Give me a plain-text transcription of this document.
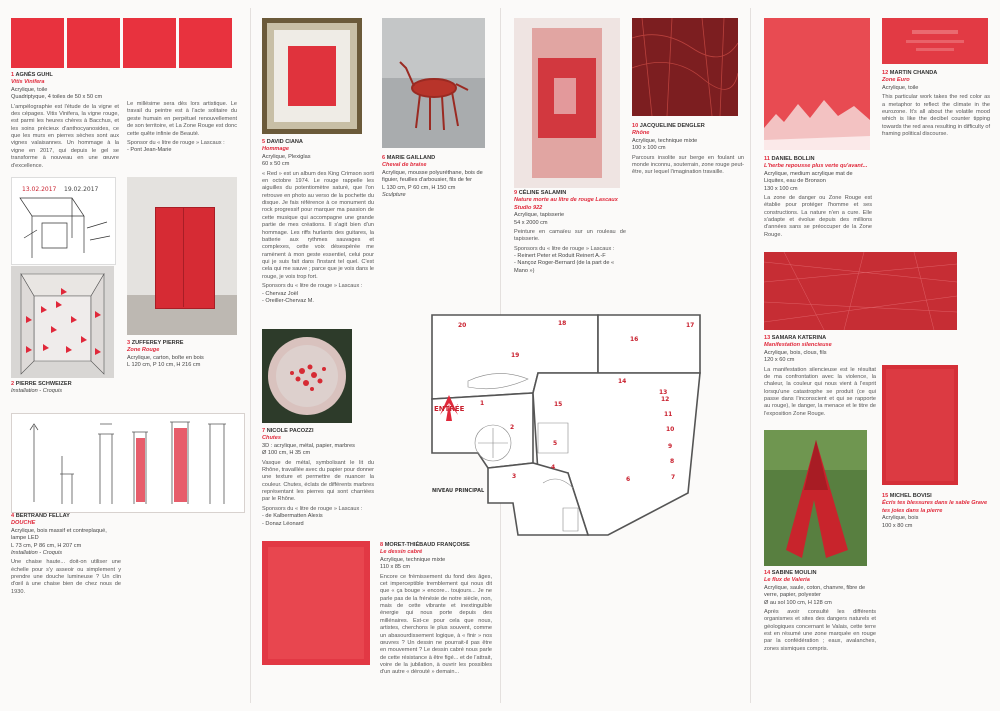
1 AGNÈS GUHL
Vitis Vinifera
Acrylique, toile
Quadriptyque, 4 toiles de 50 x 50 cm
L'ampélographie est l'étude de la vigne et des cépages. Vitis Vinifera, la vigne rouge, est parmi les heures chères à Bacchus, et les soins précieux d'anthocyanosides, ce que les murs en pierres sèches sont aux vignes valaisannes. Un hommage à la vigne en 2017, qui depuis le gel se transforme à nouveau en une œuvre d'excellence.
Le millésime sera dès lors artistique. Le travail du peintre est à l'acte solitaire du geste humain en perpétuel renouvellement de son territoire, et La Zone Rouge est donc cette quête infinie de Beauté.
Sponsor du « litre de rouge » Lascaux :
- Pont Jean-Marie
13.02.2017 19.02.2017
2 PIERRE SCHWEIZER
Installation - Croquis
3 ZUFFEREY PIERRE
Zone Rouge
Acrylique, carton, boîte en bois
L 120 cm, P 10 cm, H 216 cm
4 BERTRAND FELLAY
DOUCHE
Acrylique, bois massif et contreplaqué, lampe LED
L 73 cm, P 86 cm, H 207 cm
Installation - Croquis
Une chaise haute... doit-on utiliser une échelle pour s'y asseoir ou simplement y prendre une douche lumineuse ? Un clin d'œil à une chaise bien de chez nous de 1930.
5 DAVID CIANA
Hommage
Acrylique, Plexiglas
60 x 50 cm
« Red » est un album des King Crimson sorti en octobre 1974. Le rouge rappelle les aiguilles du potentiomètre saturé, que l'on retrouve en photo au verso de la pochette du disque. Je fais référence à ce monument du rock progressif pour marquer ma passion de cette musique qui accompagne une grande partie de mes créations. Il s'agit bien d'un hommage. Les riffs hurlants des guitares, la batterie aux rythmes sauvages et complexes, cette voix désespérée me ramènent à mon geste essentiel, celui pour qui je suis fait dans l'instant tel quel. C'est cela qui me sauve ; parce que je vois dans le rouge, je vois trop fort.
Sponsors du « litre de rouge » Lascaux :
- Chervaz Joël
- Oreiller-Chervaz M.
7 NICOLE PACOZZI
Chutes
3D : acrylique, métal, papier, marbres
Ø 100 cm, H 35 cm
Vasque de métal, symbolisant le lit du Rhône, travaillée avec du papier pour donner une texture et permettre de nuancer la couleur. Chutes, éclats de différents marbres représentant les pierres qui sont charriées par le Rhône.
Sponsors du « litre de rouge » Lascaux :
- de Kalbermatten Alexis
- Donaz Léonard
6 MARIE GAILLAND
Cheval de braise
Acrylique, mousse polyuréthane, bois de figuier, feuilles d'arbousier, fils de fer
L 130 cm, P 60 cm, H 150 cm
Sculpture
8 MORET-THIÉBAUD FRANÇOISE
Le dessin cabré
Acrylique, technique mixte
110 x 85 cm
Encore ce frémissement du fond des âges, cet imperceptible tremblement qui nous dit que « ça bouge » encore... toujours... Je ne parle pas de la frénésie de notre siècle, non, mais de cette vibrante et inextinguible énergie qui nous porte depuis des millénaires. Est-ce pour cela que nous, artistes, cherchons le plus souvent, comme un abasourdissement logique, à « finir » nos œuvres ? Un dessin ne pourrait-il pas être en mouvement ? Le dessin cabré nous parle de cette résistance à être figé... et de l'attrait, voire de la jubilation, à ouvrir les possibles d'un autre « dérouté » demain...
9 CÉLINE SALAMIN
Nature morte au litre de rouge Lascaux Studio 922
Acrylique, tapisserie
54 x 2000 cm
Peinture en camaïeu sur un rouleau de tapisserie.
Sponsors du « litre de rouge » Lascaux :
- Reinert Peter et Roduit Reinert A.-F
- Nançoz Roger-Bernard (de la part de « Mano »)
10 JACQUELINE DENGLER
Rhône
Acrylique, technique mixte
100 x 100 cm
Parcours insolite sur berge en foulant un monde inconnu, souterrain, zone rouge peut-être, sur lequel l'imagination travaille.
ENTRÉE
NIVEAU PRINCIPAL
1
2
3
4
5
6	7
8
9
10
11
12
13
14
15
16
17
18
19
20
11 DANIEL BOLLIN
L'herbe repousse plus verte qu'avant...
Acrylique, medium acrylique mat de Liquitex, eau de Bronson
130 x 100 cm
La zone de danger ou Zone Rouge est établie pour protéger l'homme et ses constructions. La nature n'en a cure. Elle s'adapte et évolue depuis des millions d'années sans se préoccuper de la Zone Rouge.
12 MARTIN CHANDA
Zone Euro
Acrylique, toile
This particular work takes the red color as a metaphor to reflect the climate in the eurozone. It's all about the volatile mood which is like the decibel counter tipping towards the red area resulting in difficulty of framing political discourse.
13 SAMARA KATERINA
Manifestation silencieuse
Acrylique, bois, clous, fils
120 x 60 cm
La manifestation silencieuse est le résultat de ma confrontation avec la violence, la chaleur, la couleur qui nous vient à l'esprit lorsqu'une catastrophe se produit (ce qui passe dans l'inconscient et qui se rapporte au rouge), le danger, la menace et le titre de l'exposition Zone Rouge.
15 MICHEL BOVISI
Écris tes blessures dans le sable Grave tes joies dans la pierre
Acrylique, bois
100 x 80 cm
14 SABINE MOULIN
Le flux de Valeria
Acrylique, saule, coton, chanvre, fibre de verre, papier, polyester
Ø au sol 100 cm, H 128 cm
Après avoir consulté les différents organismes et sites des dangers naturels et géologiques concernant le Valais, cette terre est en résumé une zone marquée en rouge par la confédération ; eaux, avalanches, zones sismiques compris.
